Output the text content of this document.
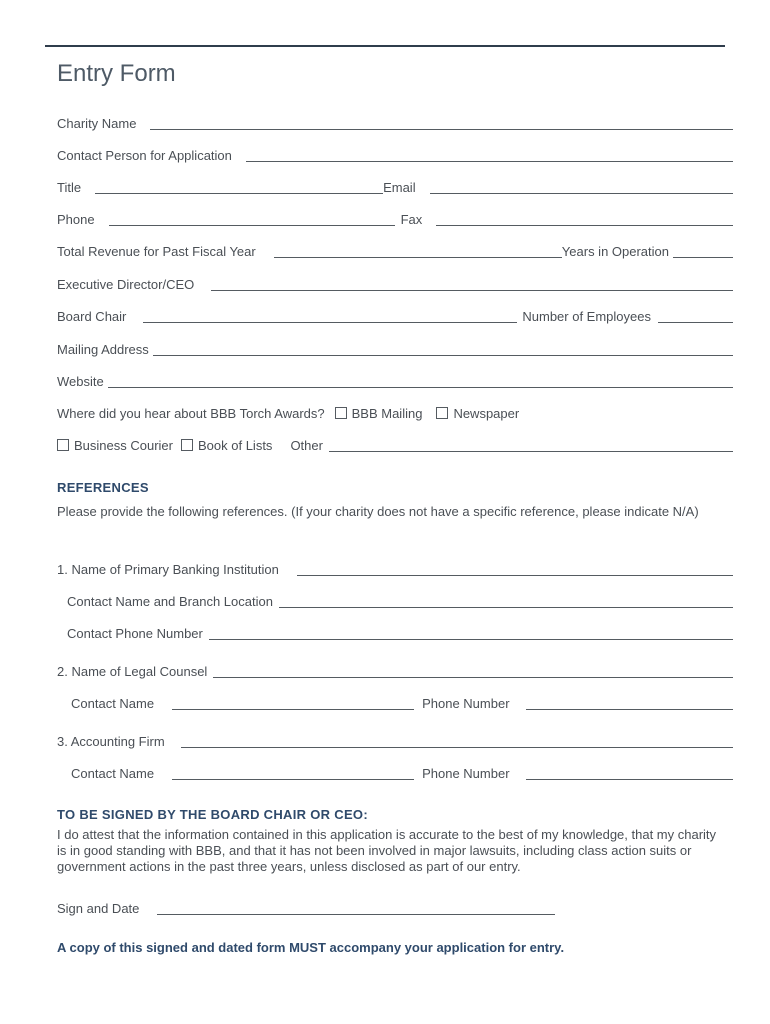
Entry Form
Charity Name
Contact Person for Application
Title	Email
Phone	Fax
Total Revenue for Past Fiscal Year	Years in Operation
Executive Director/CEO
Board Chair	Number of Employees
Mailing Address
Website
Where did you hear about BBB Torch Awards?	BBB Mailing	Newspaper
Business Courier	Book of Lists Other
REFERENCES
Please provide the following references. (If your charity does not have a specific reference, please indicate N/A)
1. Name of Primary Banking Institution
Contact Name and Branch Location
Contact Phone Number
2. Name of Legal Counsel
Contact Name	Phone Number
3. Accounting Firm
Contact Name	Phone Number
TO BE SIGNED BY THE BOARD CHAIR OR CEO:
I do attest that the information contained in this application is accurate to the best of my knowledge, that my charity is in good standing with BBB, and that it has not been involved in major lawsuits, including class action suits or government actions in the past three years, unless disclosed as part of our entry.
Sign and Date
A copy of this signed and dated form MUST accompany your application for entry.
